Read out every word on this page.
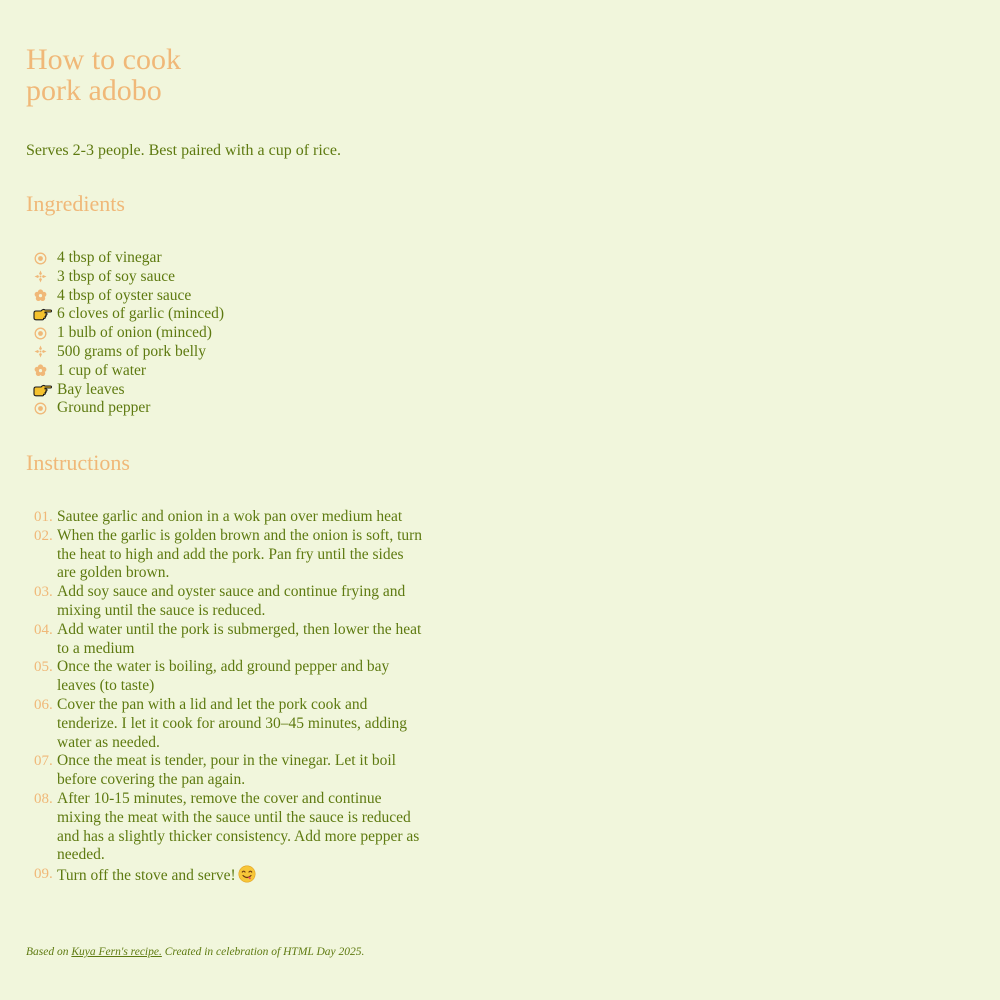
How to cook
pork adobo
Serves 2-3 people. Best paired with a cup of rice.
Ingredients
4 tbsp of vinegar
3 tbsp of soy sauce
4 tbsp of oyster sauce
6 cloves of garlic (minced)
1 bulb of onion (minced)
500 grams of pork belly
1 cup of water
Bay leaves
Ground pepper
Instructions
01. Sautee garlic and onion in a wok pan over medium heat
02. When the garlic is golden brown and the onion is soft, turn the heat to high and add the pork. Pan fry until the sides are golden brown.
03. Add soy sauce and oyster sauce and continue frying and mixing until the sauce is reduced.
04. Add water until the pork is submerged, then lower the heat to a medium
05. Once the water is boiling, add ground pepper and bay leaves (to taste)
06. Cover the pan with a lid and let the pork cook and tenderize. I let it cook for around 30–45 minutes, adding water as needed.
07. Once the meat is tender, pour in the vinegar. Let it boil before covering the pan again.
08. After 10-15 minutes, remove the cover and continue mixing the meat with the sauce until the sauce is reduced and has a slightly thicker consistency. Add more pepper as needed.
09. Turn off the stove and serve!
Based on Kuya Fern's recipe. Created in celebration of HTML Day 2025.
